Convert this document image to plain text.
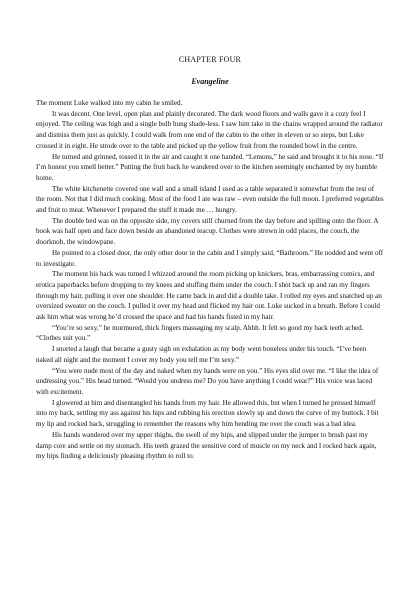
CHAPTER FOUR
Evangeline

The moment Luke walked into my cabin he smiled.

It was decent. One level, open plan and plainly decorated. The dark wood floors and walls gave it a cozy feel I enjoyed. The ceiling was high and a single bulb hung shade-less. I saw him take in the chains wrapped around the radiator and dismiss them just as quickly. I could walk from one end of the cabin to the other in eleven or so steps, but Luke crossed it in eight. He strode over to the table and picked up the yellow fruit from the rounded bowl in the centre.

He turned and grinned, tossed it in the air and caught it one handed. “Lemons,” he said and brought it to his nose. “If I’m honest you smell better.” Putting the fruit back he wandered over to the kitchen seemingly enchanted by my humble home.

The white kitchenette covered one wall and a small island I used as a table separated it somewhat from the rest of the room. Not that I did much cooking. Most of the food I ate was raw – even outside the full moon. I preferred vegetables and fruit to meat. Whenever I prepared the stuff it made me … hungry.

The double bed was on the opposite side, my covers still churned from the day before and spilling onto the floor. A book was half open and face down beside an abandoned teacup. Clothes were strewn in odd places, the couch, the doorknob, the windowpane.

He pointed to a closed door, the only other door in the cabin and I simply said, “Bathroom.” He nodded and went off to investigate.

The moment his back was turned I whizzed around the room picking up knickers, bras, embarrassing comics, and erotica paperbacks before dropping to my knees and stuffing them under the couch. I shot back up and ran my fingers through my hair, pulling it over one shoulder. He came back in and did a double take. I rolled my eyes and snatched up an oversized sweater on the couch. I pulled it over my head and flicked my hair out. Luke sucked in a breath. Before I could ask him what was wrong he’d crossed the space and had his hands fisted in my hair.

“You’re so sexy,” he murmured, thick fingers massaging my scalp. Ahhh. It felt so good my back teeth ached. “Clothes suit you.”

I snorted a laugh that became a gusty sigh on exhalation as my body went boneless under his touch. “I’ve been naked all night and the moment I cover my body you tell me I’m sexy.”

“You were nude most of the day and naked when my hands were on you.” His eyes slid over me. “I like the idea of undressing you.” His head turned. “Would you undress me? Do you have anything I could wear?” His voice was laced with excitement.

I glowered at him and disentangled his hands from my hair. He allowed this, but when I turned he pressed himself into my back, settling my ass against his hips and rubbing his erection slowly up and down the curve of my buttock. I bit my lip and rocked back, struggling to remember the reasons why him bending me over the couch was a bad idea.

His hands wandered over my upper thighs, the swell of my hips, and slipped under the jumper to brush past my damp core and settle on my stomach. His teeth grazed the sensitive cord of muscle on my neck and I rocked back again, my hips finding a deliciously pleasing rhythm to roll to.
